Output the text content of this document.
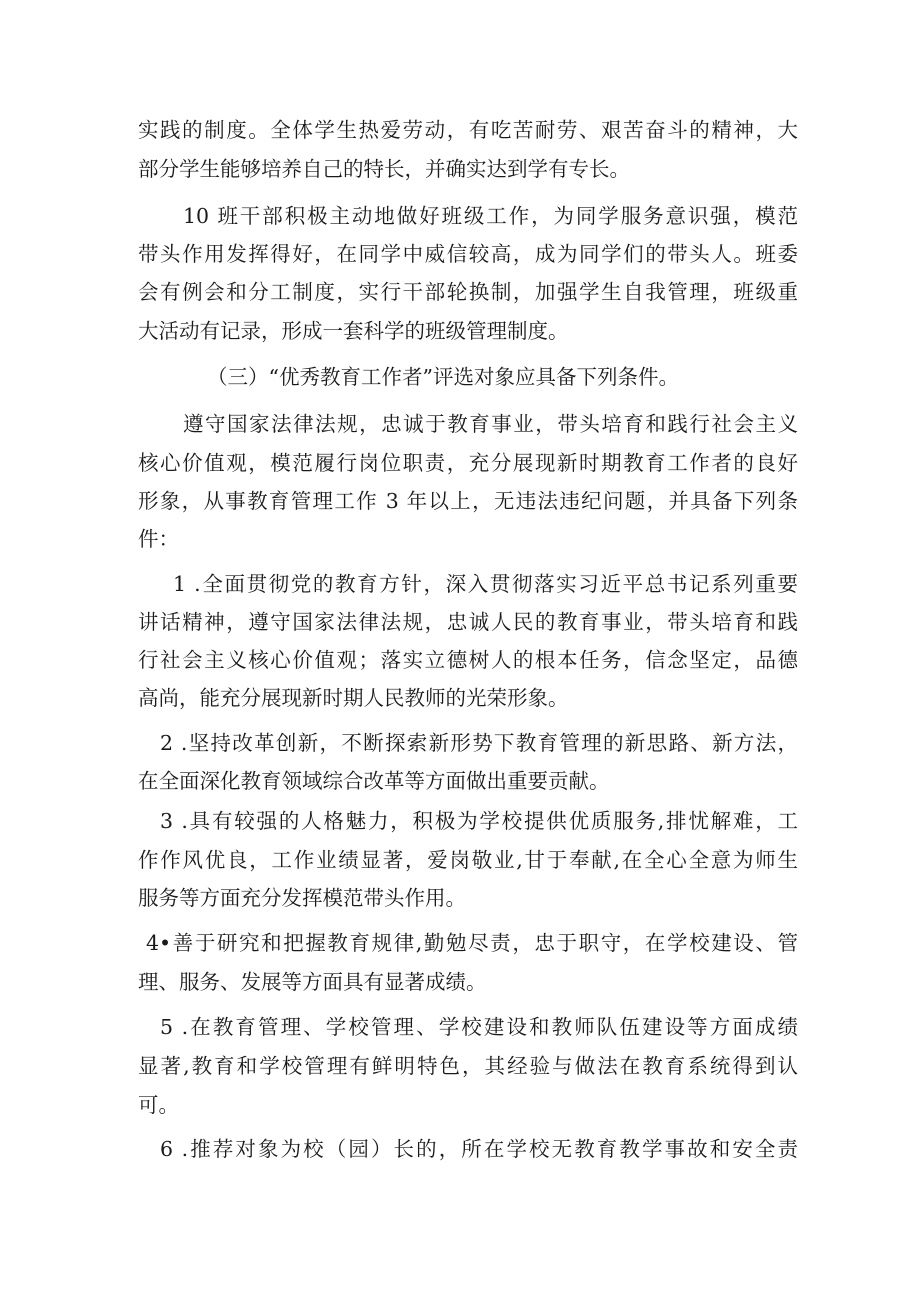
实践的制度。全体学生热爱劳动，有吃苦耐劳、艰苦奋斗的精神，大
部分学生能够培养自己的特长，并确实达到学有专长。
10 班干部积极主动地做好班级工作，为同学服务意识强，模范
带头作用发挥得好，在同学中威信较高，成为同学们的带头人。班委
会有例会和分工制度，实行干部轮换制，加强学生自我管理，班级重
大活动有记录，形成一套科学的班级管理制度。
（三）“优秀教育工作者”评选对象应具备下列条件。
遵守国家法律法规，忠诚于教育事业，带头培育和践行社会主义
核心价值观，模范履行岗位职责，充分展现新时期教育工作者的良好
形象，从事教育管理工作 3 年以上，无违法违纪问题，并具备下列条
件：
1 .全面贯彻党的教育方针，深入贯彻落实习近平总书记系列重要
讲话精神，遵守国家法律法规，忠诚人民的教育事业，带头培育和践
行社会主义核心价值观；落实立德树人的根本任务，信念坚定，品德
高尚，能充分展现新时期人民教师的光荣形象。
2 .坚持改革创新，不断探索新形势下教育管理的新思路、新方法，
在全面深化教育领域综合改革等方面做出重要贡献。
3 .具有较强的人格魅力，积极为学校提供优质服务,排忧解难，工
作作风优良，工作业绩显著，爱岗敬业,甘于奉献,在全心全意为师生
服务等方面充分发挥模范带头作用。
4•善于研究和把握教育规律,勤勉尽责，忠于职守，在学校建设、管
理、服务、发展等方面具有显著成绩。
5 .在教育管理、学校管理、学校建设和教师队伍建设等方面成绩
显著,教育和学校管理有鲜明特色，其经验与做法在教育系统得到认
可。
6 .推荐对象为校（园）长的，所在学校无教育教学事故和安全责
